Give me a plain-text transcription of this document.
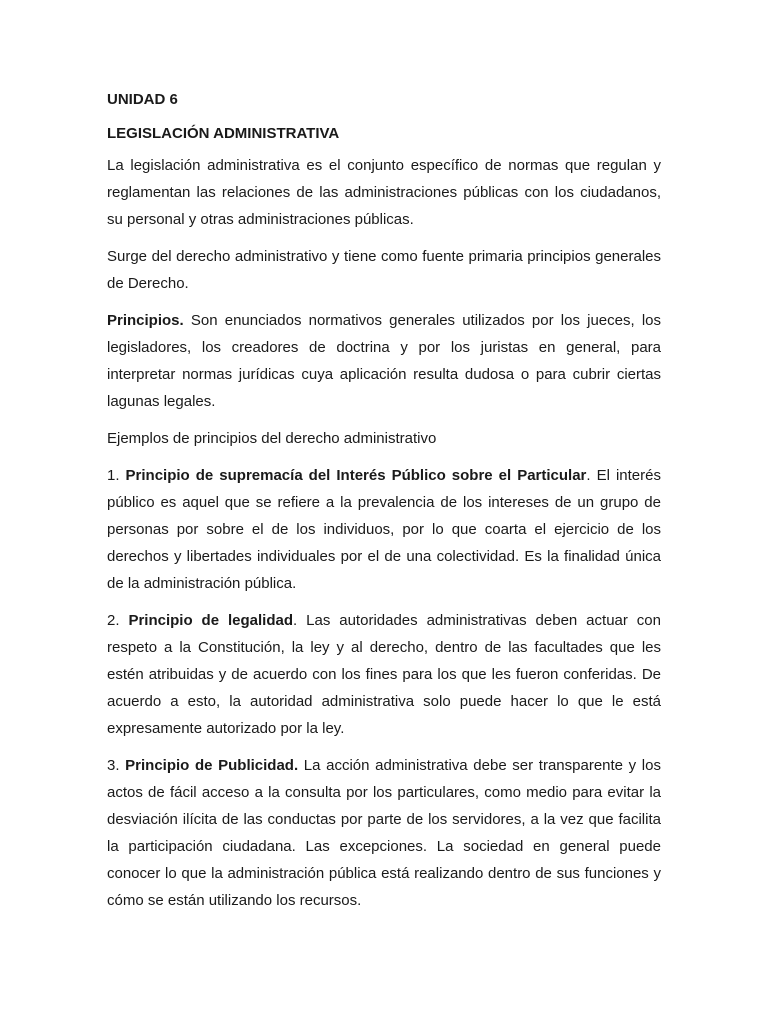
UNIDAD 6

LEGISLACIÓN ADMINISTRATIVA

La legislación administrativa es el conjunto específico de normas que regulan y reglamentan las relaciones de las administraciones públicas con los ciudadanos, su personal y otras administraciones públicas.

Surge del derecho administrativo y tiene como fuente primaria principios generales de Derecho.

Principios. Son enunciados normativos generales utilizados por los jueces, los legisladores, los creadores de doctrina y por los juristas en general, para interpretar normas jurídicas cuya aplicación resulta dudosa o para cubrir ciertas lagunas legales.

Ejemplos de principios del derecho administrativo

1. Principio de supremacía del Interés Público sobre el Particular. El interés público es aquel que se refiere a la prevalencia de los intereses de un grupo de personas por sobre el de los individuos, por lo que coarta el ejercicio de los derechos y libertades individuales por el de una colectividad. Es la finalidad única de la administración pública.

2. Principio de legalidad. Las autoridades administrativas deben actuar con respeto a la Constitución, la ley y al derecho, dentro de las facultades que les estén atribuidas y de acuerdo con los fines para los que les fueron conferidas. De acuerdo a esto, la autoridad administrativa solo puede hacer lo que le está expresamente autorizado por la ley.

3. Principio de Publicidad. La acción administrativa debe ser transparente y los actos de fácil acceso a la consulta por los particulares, como medio para evitar la desviación ilícita de las conductas por parte de los servidores, a la vez que facilita la participación ciudadana. Las excepciones. La sociedad en general puede conocer lo que la administración pública está realizando dentro de sus funciones y cómo se están utilizando los recursos.
